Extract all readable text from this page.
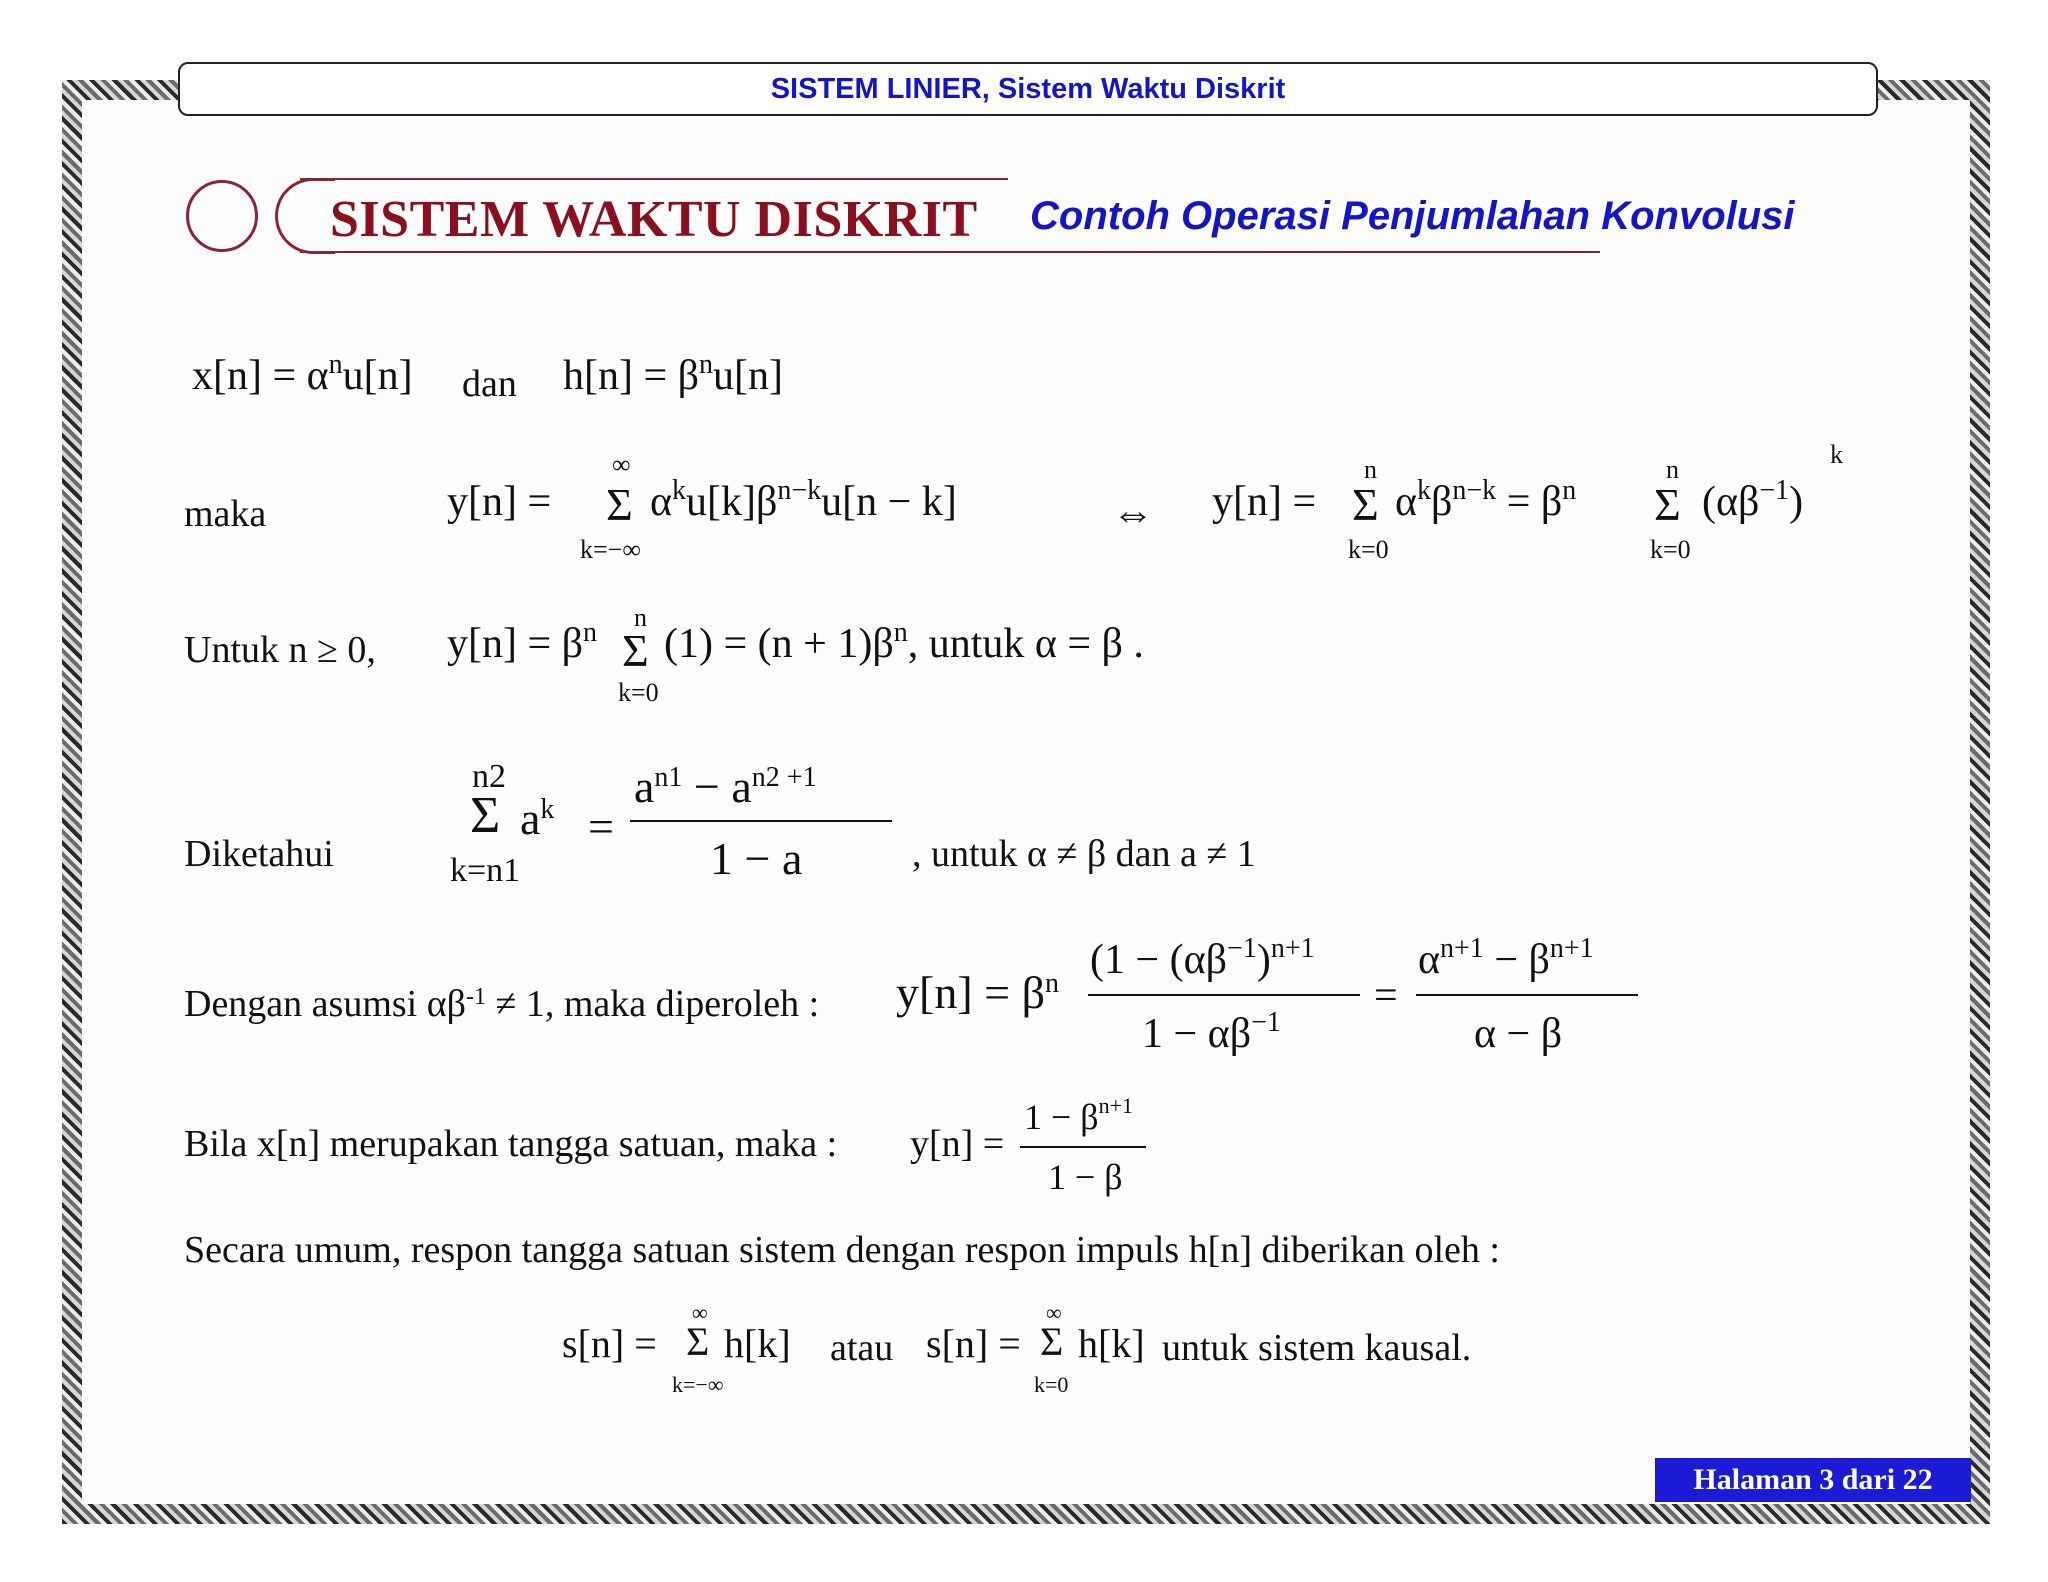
SISTEM LINIER, Sistem Waktu Diskrit
SISTEM WAKTU DISKRIT Contoh Operasi Penjumlahan Konvolusi
$x[n] = \alpha^nu[n]$ dan $h[n] = \beta^nu[n]$
maka	y[n] =
∞
Σ
k=−∞
$\alpha^ku[k]\beta^{n-k}u[n - k]$	⇔ y[n] =
n
Σ
k=0
$\alpha^k\beta^{n-k} = \beta^n$
n
Σ
k=0
$(\alpha\beta^{-1})$
k
Untuk n ≥ 0, $y[n] = \beta^n$ n
Σ
k=0
$(1) = (n + 1)\beta^n$, untuk α = β .
Diketahui
n2
Σ
k=n1
$a^k$ =
$a^{n1} - a^{n2 +1}$
1 − a	, untuk α ≠ β dan a ≠ 1
Dengan asumsi $\alpha\beta^{-1} \ne 1$, maka diperoleh : $y[n] = \beta^n$
($1 - (\alpha\beta^{-1})^{n+1}$
$1 - \alpha\beta^{-1}$
=
$\alpha^{n+1} - \beta^{n+1}$
α − β
Bila x[n] merupakan tangga satuan, maka : y[n] =
$1 - \beta^{n+1}$
1 − β
Secara umum, respon tangga satuan sistem dengan respon impuls h[n] diberikan oleh :
s[n] =
∞
Σ
k=−∞
h[k] atau s[n] =
∞
Σ
k=0
h[k] untuk sistem kausal.
Halaman 3 dari 22
